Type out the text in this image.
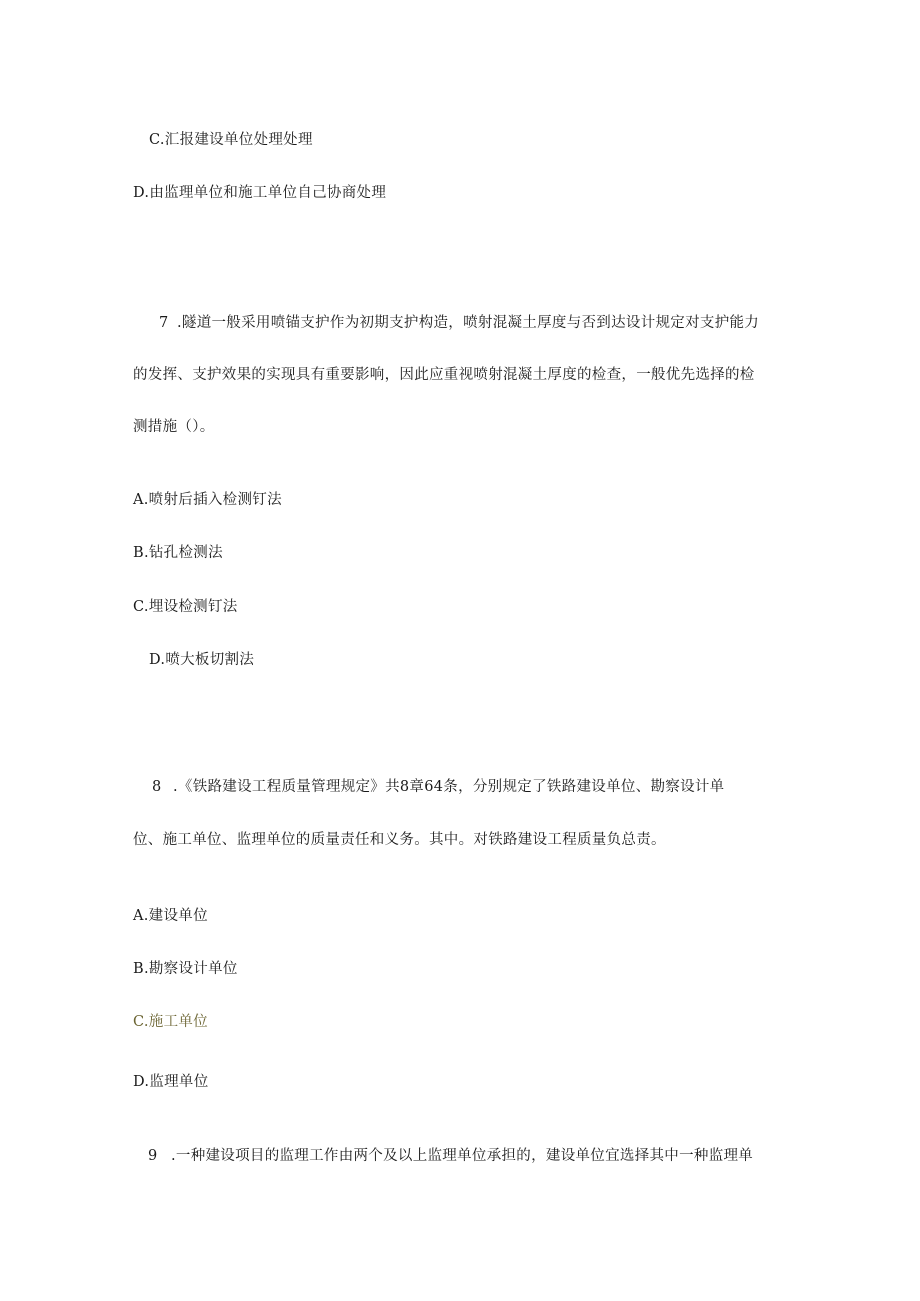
C.汇报建设单位处理处理
D.由监理单位和施工单位自己协商处理
7 .隧道一般采用喷锚支护作为初期支护构造，喷射混凝土厚度与否到达设计规定对支护能力
的发挥、支护效果的实现具有重要影响，因此应重视喷射混凝土厚度的检查，一般优先选择的检
测措施（）。
A.喷射后插入检测钉法
B.钻孔检测法
C.埋设检测钉法
D.喷大板切割法
8 .《铁路建设工程质量管理规定》共8章64条，分别规定了铁路建设单位、勘察设计单
位、施工单位、监理单位的质量责任和义务。其中。对铁路建设工程质量负总责。
A.建设单位
B.勘察设计单位
C.施工单位
D.监理单位
9 .一种建设项目的监理工作由两个及以上监理单位承担的，建设单位宜选择其中一种监理单
